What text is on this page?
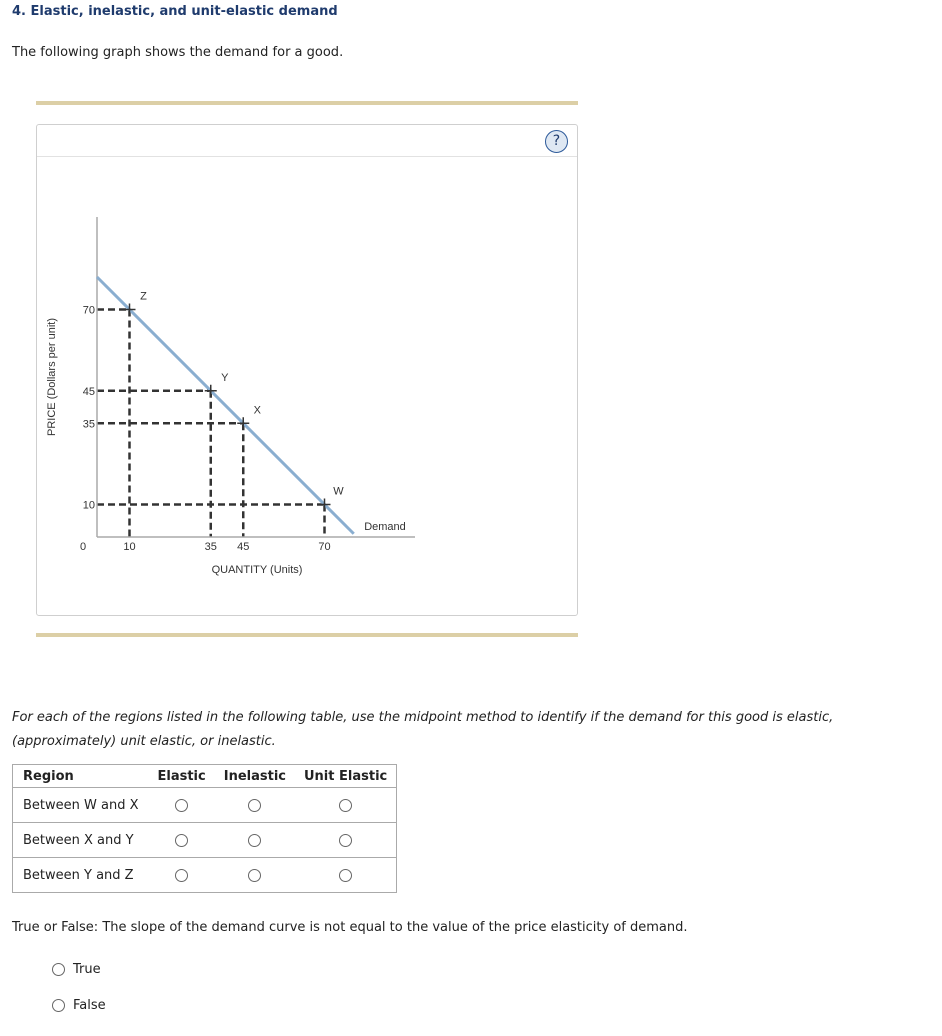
4. Elastic, inelastic, and unit-elastic demand
The following graph shows the demand for a good.
?
Z
Y
X
W
70
45
35
10
10	35 45	70
PRICE (Dollars per unit)
QUANTITY (Units)
0
Demand
For each of the regions listed in the following table, use the midpoint method to identify if the demand for this good is elastic, (approximately) unit elastic, or inelastic.
Region	Elastic	Inelastic	Unit Elastic
Between W and X			
Between X and Y			
Between Y and Z			
True or False: The slope of the demand curve is not equal to the value of the price elasticity of demand.
True
False
